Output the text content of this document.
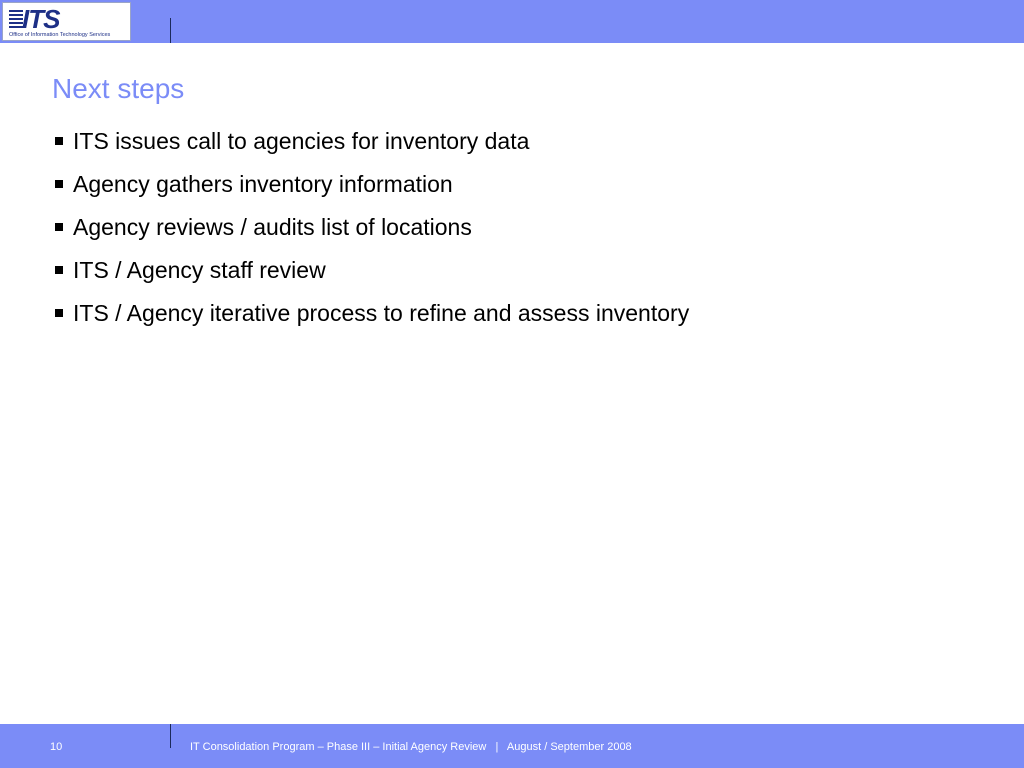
ITS
Office of Information Technology Services
Next steps
ITS issues call to agencies for inventory data
Agency gathers inventory information
Agency reviews / audits list of locations
ITS / Agency staff review
ITS / Agency iterative process to refine and assess inventory
10	IT Consolidation Program – Phase III – Initial Agency Review   |   August / September 2008
